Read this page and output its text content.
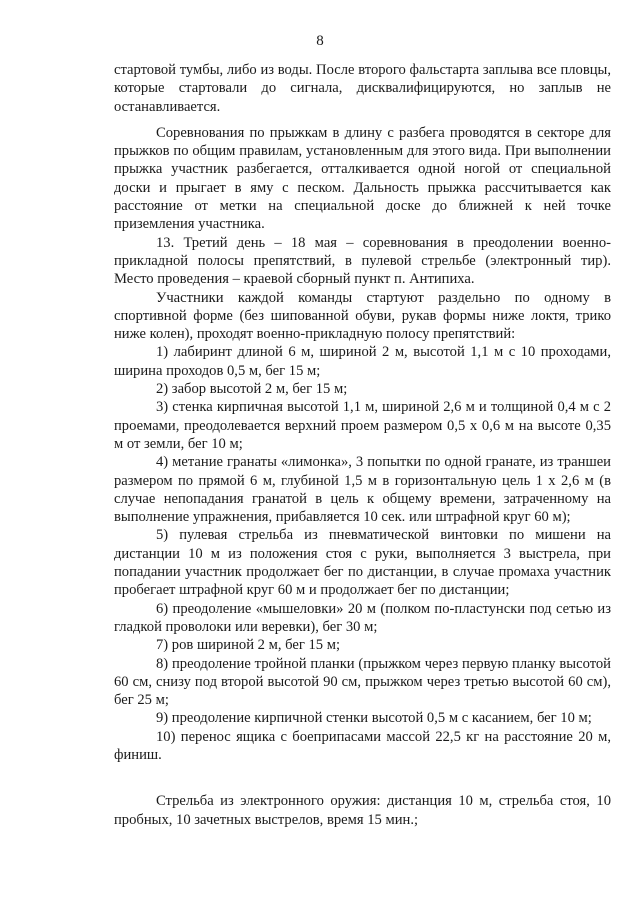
8

стартовой тумбы, либо из воды. После второго фальстарта заплыва все пловцы, которые стартовали до сигнала, дисквалифицируются, но заплыв не останавливается.

Соревнования по прыжкам в длину с разбега проводятся в секторе для прыжков по общим правилам, установленным для этого вида. При выполнении прыжка участник разбегается, отталкивается одной ногой от специальной доски и прыгает в яму с песком. Дальность прыжка рассчитывается как расстояние от метки на специальной доске до ближней к ней точке приземления участника.

13. Третий день – 18 мая – соревнования в преодолении военно-прикладной полосы препятствий, в пулевой стрельбе (электронный тир). Место проведения – краевой сборный пункт п. Антипиха.

Участники каждой команды стартуют раздельно по одному в спортивной форме (без шипованной обуви, рукав формы ниже локтя, трико ниже колен), проходят военно-прикладную полосу препятствий:

1) лабиринт длиной 6 м, шириной 2 м, высотой 1,1 м с 10 проходами, ширина проходов 0,5 м, бег 15 м;

2) забор высотой 2 м, бег 15 м;

3) стенка кирпичная высотой 1,1 м, шириной 2,6 м и толщиной 0,4 м с 2 проемами, преодолевается верхний проем размером 0,5 х 0,6 м на высоте 0,35 м от земли, бег 10 м;

4) метание гранаты «лимонка», 3 попытки по одной гранате, из траншеи размером по прямой 6 м, глубиной 1,5 м в горизонтальную цель 1 х 2,6 м (в случае непопадания гранатой в цель к общему времени, затраченному на выполнение упражнения, прибавляется 10 сек. или штрафной круг 60 м);

5) пулевая стрельба из пневматической винтовки по мишени на дистанции 10 м из положения стоя с руки, выполняется 3 выстрела, при попадании участник продолжает бег по дистанции, в случае промаха участник пробегает штрафной круг 60 м и продолжает бег по дистанции;

6) преодоление «мышеловки» 20 м (полком по-пластунски под сетью из гладкой проволоки или веревки), бег 30 м;

7) ров шириной 2 м, бег 15 м;

8) преодоление тройной планки (прыжком через первую планку высотой 60 см, снизу под второй высотой 90 см, прыжком через третью высотой 60 см), бег 25 м;

9) преодоление кирпичной стенки высотой 0,5 м с касанием, бег 10 м;

10) перенос ящика с боеприпасами массой 22,5 кг на расстояние 20 м, финиш.

Стрельба из электронного оружия: дистанция 10 м, стрельба стоя, 10 пробных, 10 зачетных выстрелов, время 15 мин.;
